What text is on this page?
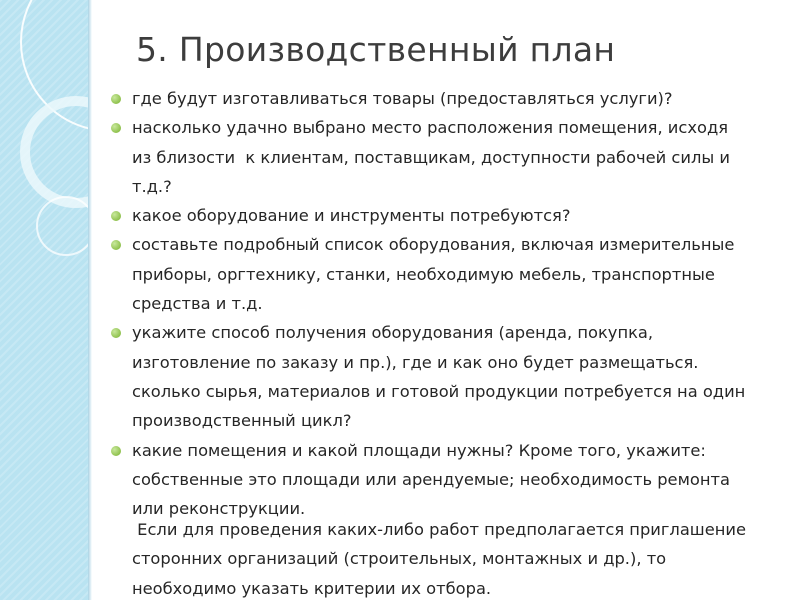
5. Производственный план
где будут изготавливаться товары (предоставляться услуги)?
насколько удачно выбрано место расположения помещения, исходя
из близости  к клиентам, поставщикам, доступности рабочей силы и
т.д.?
какое оборудование и инструменты потребуются?
составьте подробный список оборудования, включая измерительные
приборы, оргтехнику, станки, необходимую мебель, транспортные
средства и т.д.
укажите способ получения оборудования (аренда, покупка,
изготовление по заказу и пр.), где и как оно будет размещаться.
сколько сырья, материалов и готовой продукции потребуется на один
производственный цикл?
какие помещения и какой площади нужны? Кроме того, укажите:
собственные это площади или арендуемые; необходимость ремонта
или реконструкции.
Если для проведения каких-либо работ предполагается приглашение
сторонних организаций (строительных, монтажных и др.), то
необходимо указать критерии их отбора.
